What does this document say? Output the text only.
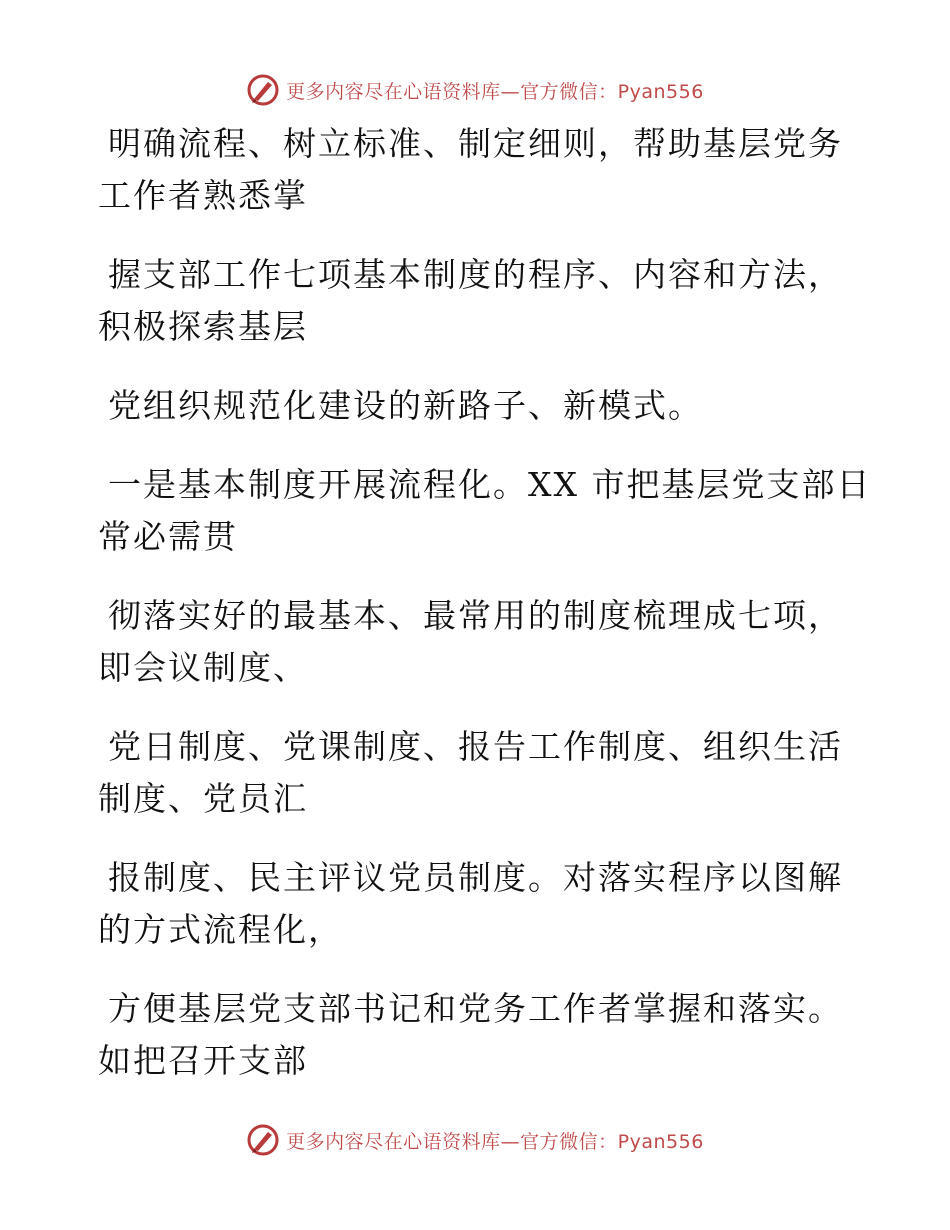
更多内容尽在心语资料库—官方微信：Pyan556

明确流程、树立标准、制定细则，帮助基层党务
工作者熟悉掌

握支部工作七项基本制度的程序、内容和方法，
积极探索基层

党组织规范化建设的新路子、新模式。

一是基本制度开展流程化。XX 市把基层党支部日
常必需贯

彻落实好的最基本、最常用的制度梳理成七项，
即会议制度、

党日制度、党课制度、报告工作制度、组织生活
制度、党员汇

报制度、民主评议党员制度。对落实程序以图解
的方式流程化，

方便基层党支部书记和党务工作者掌握和落实。
如把召开支部

更多内容尽在心语资料库—官方微信：Pyan556
